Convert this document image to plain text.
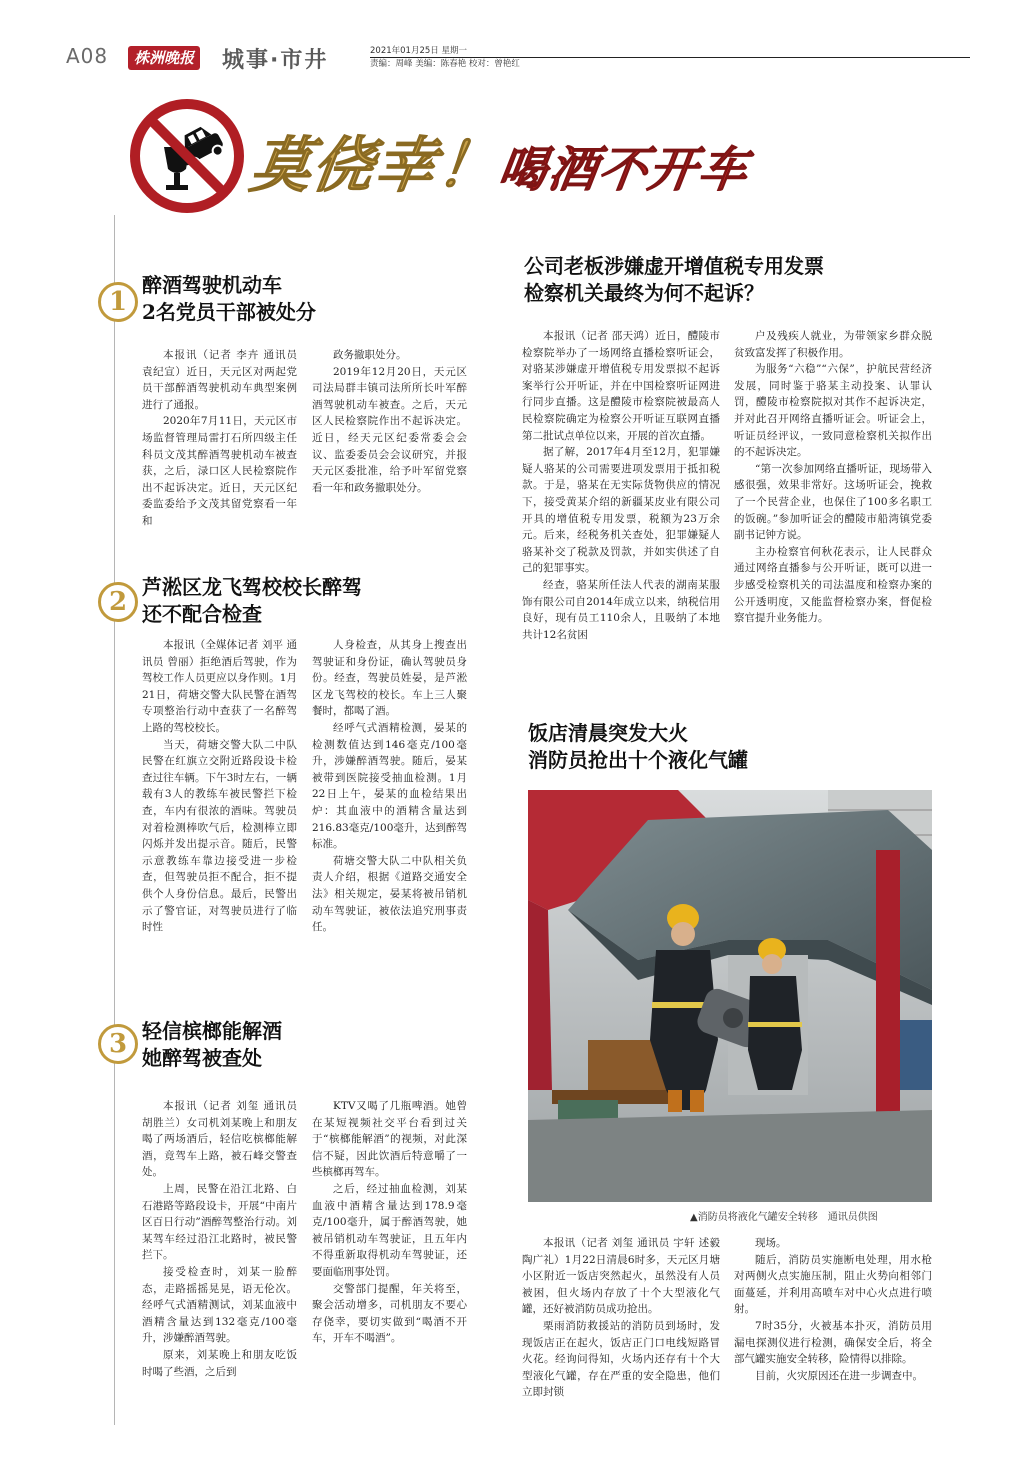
A08	株洲晚报 城事·市井	2021年01月25日 星期一
责编：周峰 美编：陈春艳 校对：曾艳红
莫侥幸！喝酒不开车
1
醉酒驾驶机动车
2名党员干部被处分

本报讯（记者 李卉 通讯员 袁纪宣）近日，天元区对两起党员干部醉酒驾驶机动车典型案例进行了通报。

2020年7月11日，天元区市场监督管理局雷打石所四级主任科员文茂其醉酒驾驶机动车被查获，之后，渌口区人民检察院作出不起诉决定。近日，天元区纪委监委给予文茂其留党察看一年和

政务撤职处分。

2019年12月20日，天元区司法局群丰镇司法所所长叶军醉酒驾驶机动车被查。之后，天元区人民检察院作出不起诉决定。近日，经天元区纪委常委会会议、监委委员会会议研究，并报天元区委批准，给予叶军留党察看一年和政务撤职处分。

2 芦淞区龙飞驾校校长醉驾
还不配合检查

本报讯（全媒体记者 刘平 通讯员 曾丽）拒绝酒后驾驶，作为驾校工作人员更应以身作则。1月21日，荷塘交警大队民警在酒驾专项整治行动中查获了一名醉驾上路的驾校校长。

当天，荷塘交警大队二中队民警在红旗立交附近路段设卡检查过往车辆。下午3时左右，一辆载有3人的教练车被民警拦下检查，车内有很浓的酒味。驾驶员对着检测棒吹气后，检测棒立即闪烁并发出提示音。随后，民警示意教练车靠边接受进一步检查，但驾驶员拒不配合，拒不提供个人身份信息。最后，民警出示了警官证，对驾驶员进行了临时性

人身检查，从其身上搜查出驾驶证和身份证，确认驾驶员身份。经查，驾驶员姓晏，是芦淞区龙飞驾校的校长。车上三人聚餐时，都喝了酒。

经呼气式酒精检测，晏某的检测数值达到146毫克/100毫升，涉嫌醉酒驾驶。随后，晏某被带到医院接受抽血检测。1月22日上午，晏某的血检结果出炉：其血液中的酒精含量达到216.83毫克/100毫升，达到醉驾标准。

荷塘交警大队二中队相关负责人介绍，根据《道路交通安全法》相关规定，晏某将被吊销机动车驾驶证，被依法追究刑事责任。

3 轻信槟榔能解酒
她醉驾被查处

本报讯（记者 刘玺 通讯员 胡胜兰）女司机刘某晚上和朋友喝了两场酒后，轻信吃槟榔能解酒，竟驾车上路，被石峰交警查处。

上周，民警在沿江北路、白石港路等路段设卡，开展“中南片区百日行动”酒醉驾整治行动。刘某驾车经过沿江北路时，被民警拦下。

接受检查时，刘某一脸醉态，走路摇摇晃晃，语无伦次。经呼气式酒精测试，刘某血液中酒精含量达到132毫克/100毫升，涉嫌醉酒驾驶。

原来，刘某晚上和朋友吃饭时喝了些酒，之后到

KTV又喝了几瓶啤酒。她曾在某短视频社交平台看到过关于“槟榔能解酒”的视频，对此深信不疑，因此饮酒后特意嚼了一些槟榔再驾车。

之后，经过抽血检测，刘某血液中酒精含量达到178.9毫克/100毫升，属于醉酒驾驶，她被吊销机动车驾驶证，且五年内不得重新取得机动车驾驶证，还要面临刑事处罚。

交警部门提醒，年关将至，聚会活动增多，司机朋友不要心存侥幸，要切实做到“喝酒不开车，开车不喝酒”。

公司老板涉嫌虚开增值税专用发票
检察机关最终为何不起诉？

本报讯（记者 邵天鸿）近日，醴陵市检察院举办了一场网络直播检察听证会，对骆某涉嫌虚开增值税专用发票拟不起诉案举行公开听证，并在中国检察听证网进行同步直播。这是醴陵市检察院被最高人民检察院确定为检察公开听证互联网直播第二批试点单位以来，开展的首次直播。

据了解，2017年4月至12月，犯罪嫌疑人骆某的公司需要进项发票用于抵扣税款。于是，骆某在无实际货物供应的情况下，接受黄某介绍的新疆某皮业有限公司开具的增值税专用发票，税额为23万余元。后来，经税务机关查处，犯罪嫌疑人骆某补交了税款及罚款，并如实供述了自己的犯罪事实。

经查，骆某所任法人代表的湖南某服饰有限公司自2014年成立以来，纳税信用良好，现有员工110余人，且吸纳了本地共计12名贫困

户及残疾人就业，为带领家乡群众脱贫致富发挥了积极作用。

为服务“六稳”“六保”，护航民营经济发展，同时鉴于骆某主动投案、认罪认罚，醴陵市检察院拟对其作不起诉决定，并对此召开网络直播听证会。听证会上，听证员经评议，一致同意检察机关拟作出的不起诉决定。

“第一次参加网络直播听证，现场带入感很强，效果非常好。这场听证会，挽救了一个民营企业，也保住了100多名职工的饭碗。”参加听证会的醴陵市船湾镇党委副书记钟方说。

主办检察官何秋花表示，让人民群众通过网络直播参与公开听证，既可以进一步感受检察机关的司法温度和检察办案的公开透明度，又能监督检察办案，督促检察官提升业务能力。

饭店清晨突发大火
消防员抢出十个液化气罐
▲消防员将液化气罐安全转移　通讯员供图

本报讯（记者 刘玺 通讯员 宇轩 述毅 陶广礼）1月22日清晨6时多，天元区月塘小区附近一饭店突然起火，虽然没有人员被困，但火场内存放了十个大型液化气罐，还好被消防员成功抢出。

栗雨消防救援站的消防员到场时，发现饭店正在起火，饭店正门口电线短路冒火花。经询问得知，火场内还存有十个大型液化气罐，存在严重的安全隐患，他们立即封锁

现场。

随后，消防员实施断电处理，用水枪对两侧火点实施压制，阻止火势向相邻门面蔓延，并利用高喷车对中心火点进行喷射。

7时35分，火被基本扑灭，消防员用漏电探测仪进行检测，确保安全后，将全部气罐实施安全转移，险情得以排除。

目前，火灾原因还在进一步调查中。
